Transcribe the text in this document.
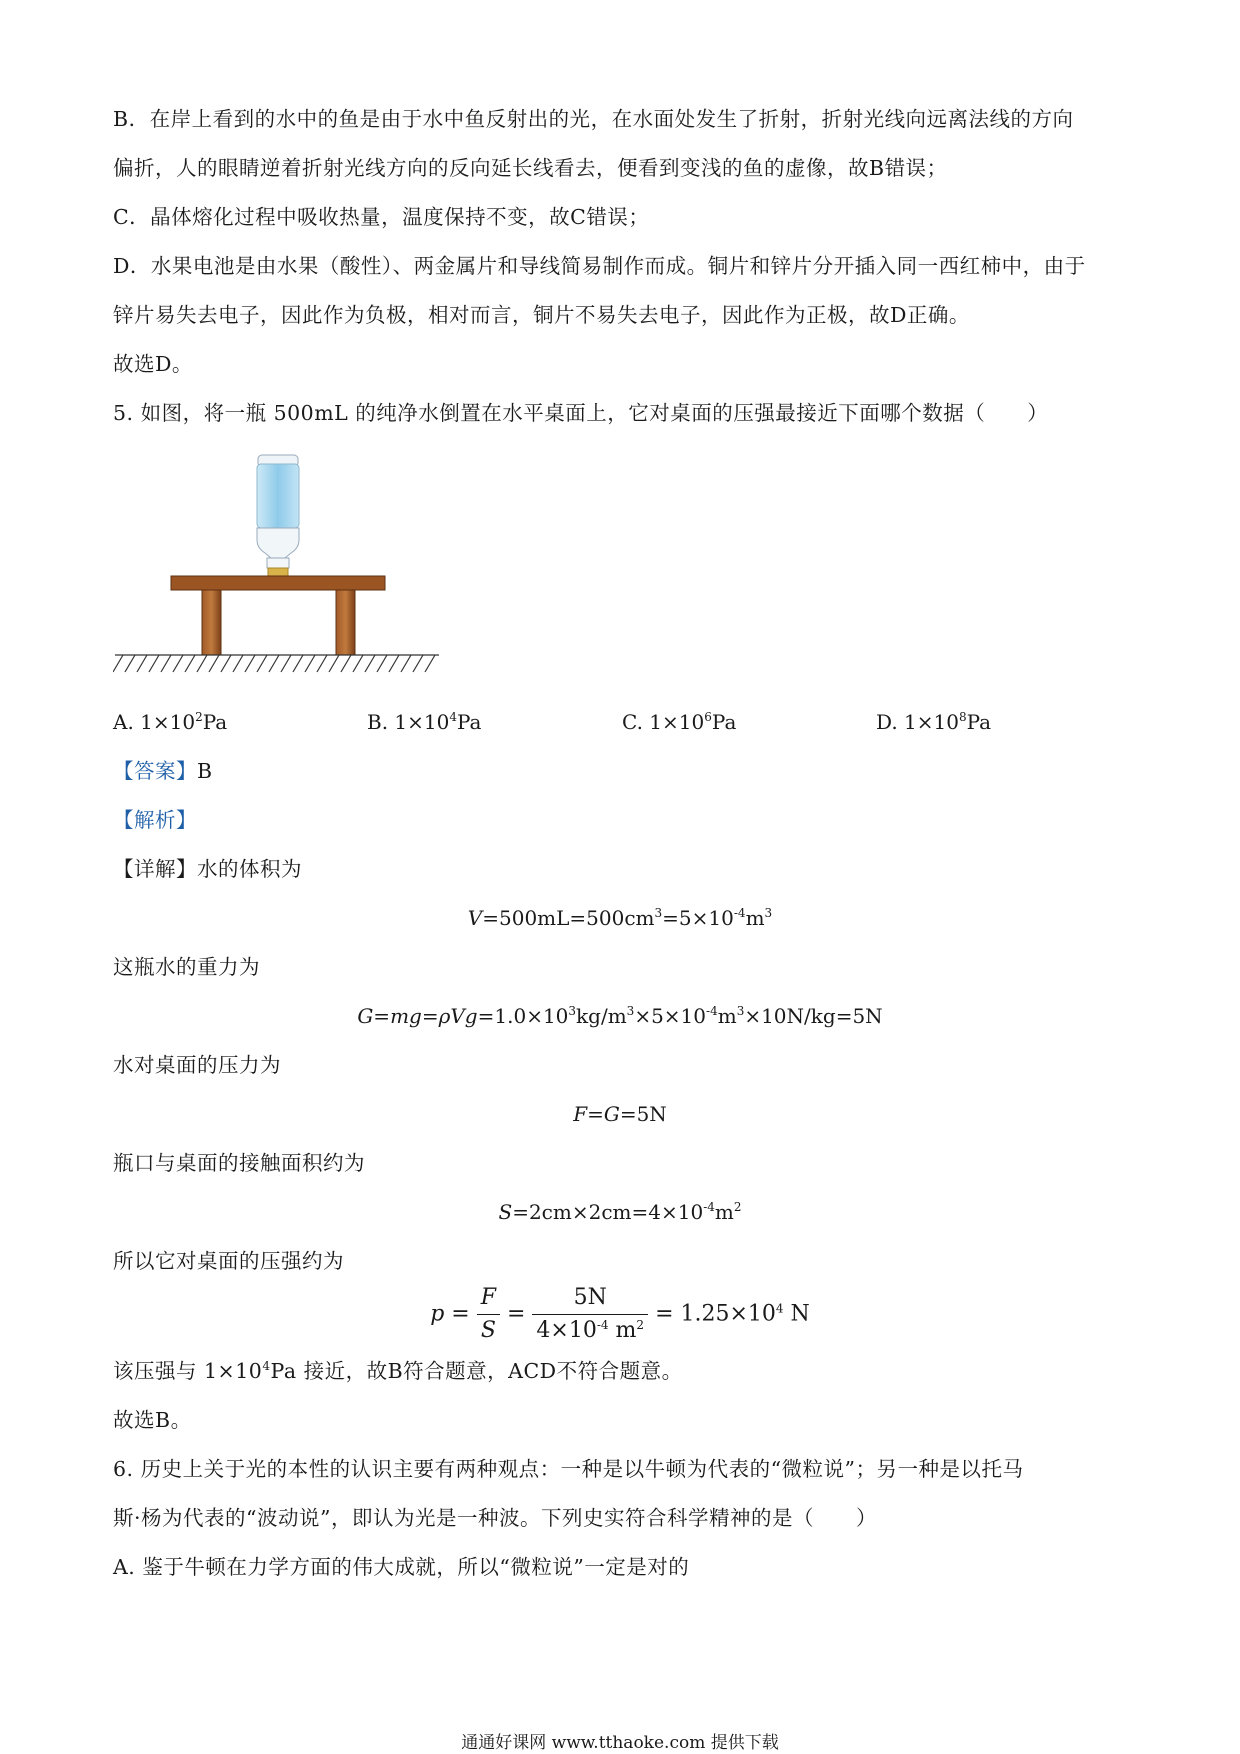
B．在岸上看到的水中的鱼是由于水中鱼反射出的光，在水面处发生了折射，折射光线向远离法线的方向
偏折，人的眼睛逆着折射光线方向的反向延长线看去，便看到变浅的鱼的虚像，故B错误；
C．晶体熔化过程中吸收热量，温度保持不变，故C错误；
D．水果电池是由水果（酸性）、两金属片和导线简易制作而成。铜片和锌片分开插入同一西红柿中，由于
锌片易失去电子，因此作为负极，相对而言，铜片不易失去电子，因此作为正极，故D正确。
故选D。
5. 如图，将一瓶 500mL 的纯净水倒置在水平桌面上，它对桌面的压强最接近下面哪个数据（　　）
A. $1\times 10^2Pa$	B. $1\times 10^4Pa$	C. $1\times 10^6Pa$	D. $1\times 10^8Pa$
【答案】B
【解析】
【详解】水的体积为
$V=500mL=500cm^3=5\times 10^{-4}m^3$
这瓶水的重力为
$G=mg=\rho Vg=1.0\times 10^3kg/m^3\times 5\times 10^{-4}m^3\times 10N/kg=5N$
水对桌面的压力为
F=G=5N
瓶口与桌面的接触面积约为
$S=2cm\times 2cm=4\times 10^{-4}m^2$
所以它对桌面的压强约为
$p = \frac{F}{S} = \frac{5N}{4\times 10^{-4} m^2} = 1.25\times 10^4$ N
该压强与 $1\times 10^4Pa$ 接近，故B符合题意，ACD不符合题意。
故选B。
6. 历史上关于光的本性的认识主要有两种观点：一种是以牛顿为代表的“微粒说”；另一种是以托马
斯·杨为代表的“波动说”，即认为光是一种波。下列史实符合科学精神的是（　　）
A. 鉴于牛顿在力学方面的伟大成就，所以“微粒说”一定是对的
通通好课网 www.tthaoke.com 提供下载
